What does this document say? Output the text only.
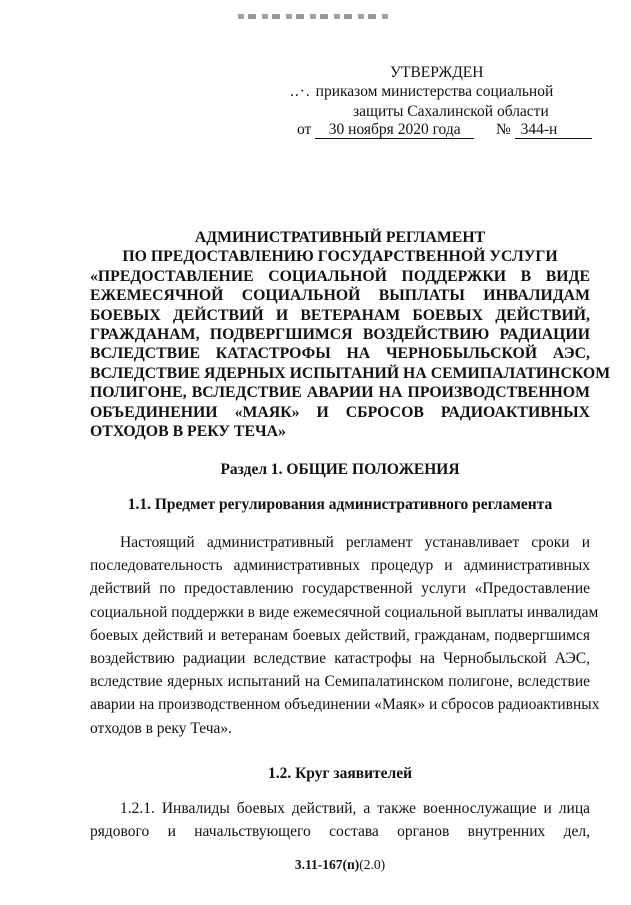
УТВЕРЖДЕН
..·. приказом министерства социальной
защиты Сахалинской области
от 30 ноября 2020 года № 344-н
АДМИНИСТРАТИВНЫЙ РЕГЛАМЕНТ
ПО ПРЕДОСТАВЛЕНИЮ ГОСУДАРСТВЕННОЙ УСЛУГИ
«ПРЕДОСТАВЛЕНИЕ СОЦИАЛЬНОЙ ПОДДЕРЖКИ В ВИДЕ
ЕЖЕМЕСЯЧНОЙ СОЦИАЛЬНОЙ ВЫПЛАТЫ ИНВАЛИДАМ
БОЕВЫХ ДЕЙСТВИЙ И ВЕТЕРАНАМ БОЕВЫХ ДЕЙСТВИЙ,
ГРАЖДАНАМ, ПОДВЕРГШИМСЯ ВОЗДЕЙСТВИЮ РАДИАЦИИ
ВСЛЕДСТВИЕ КАТАСТРОФЫ НА ЧЕРНОБЫЛЬСКОЙ АЭС,
ВСЛЕДСТВИЕ ЯДЕРНЫХ ИСПЫТАНИЙ НА СЕМИПАЛАТИНСКОМ
ПОЛИГОНЕ, ВСЛЕДСТВИЕ АВАРИИ НА ПРОИЗВОДСТВЕННОМ
ОБЪЕДИНЕНИИ «МАЯК» И СБРОСОВ РАДИОАКТИВНЫХ
ОТХОДОВ В РЕКУ ТЕЧА»
Раздел 1. ОБЩИЕ ПОЛОЖЕНИЯ
1.1. Предмет регулирования административного регламента
Настоящий административный регламент устанавливает сроки и
последовательность административных процедур и административных
действий по предоставлению государственной услуги «Предоставление
социальной поддержки в виде ежемесячной социальной выплаты инвалидам
боевых действий и ветеранам боевых действий, гражданам, подвергшимся
воздействию радиации вследствие катастрофы на Чернобыльской АЭС,
вследствие ядерных испытаний на Семипалатинском полигоне, вследствие
аварии на производственном объединении «Маяк» и сбросов радиоактивных
отходов в реку Теча».
1.2. Круг заявителей
1.2.1. Инвалиды боевых действий, а также военнослужащие и лица
рядового и начальствующего состава органов внутренних дел,
3.11-167(п)(2.0)
